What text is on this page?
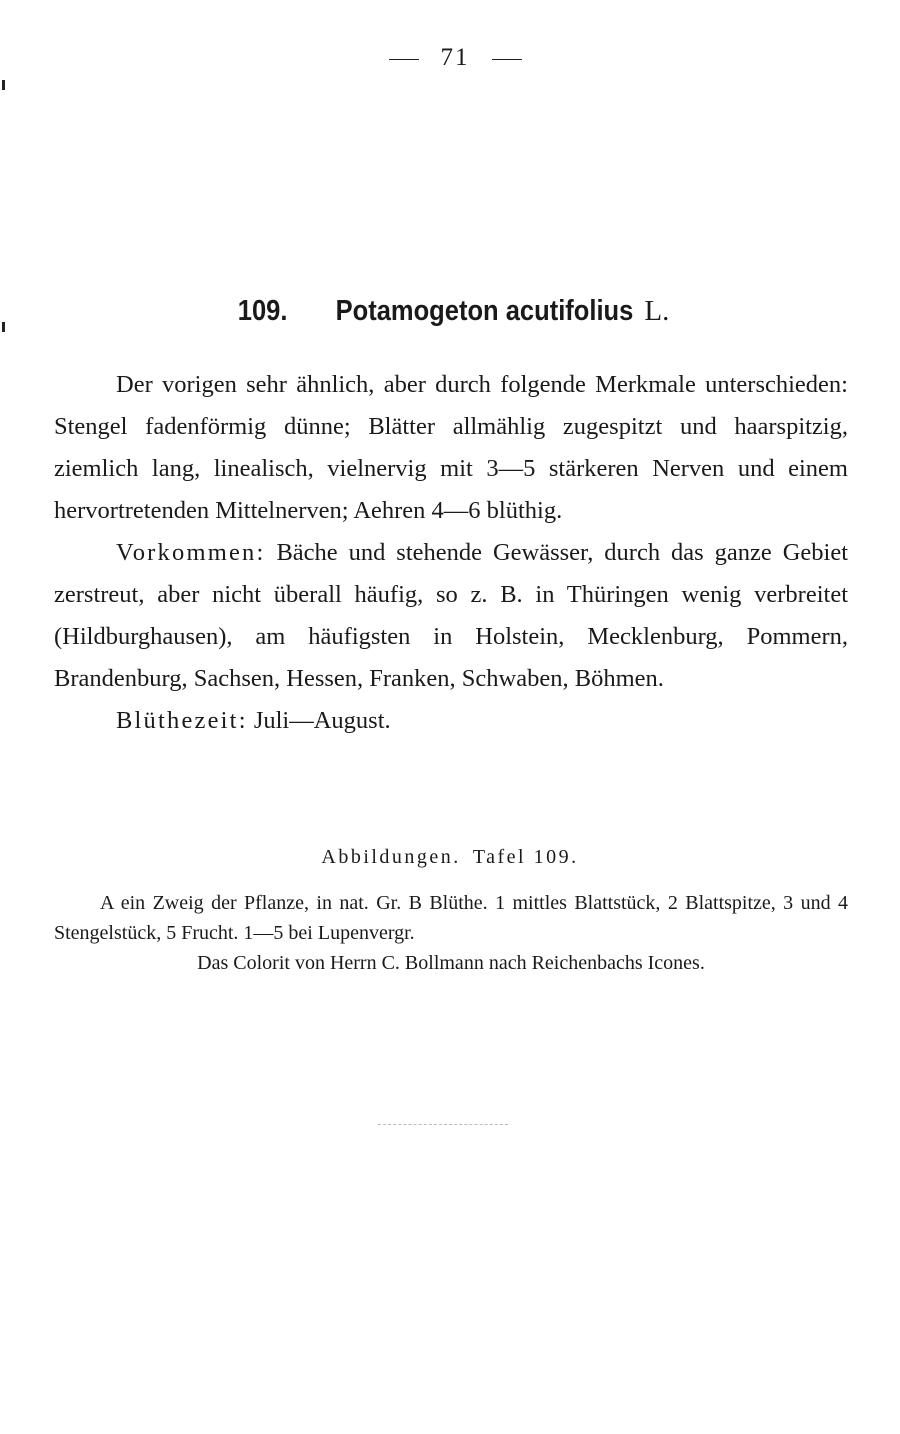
71
109. Potamogeton acutifolius L.

Der vorigen sehr ähnlich, aber durch folgende Merkmale unterschieden: Stengel fadenförmig dünne; Blätter allmählig zugespitzt und haarspitzig, ziemlich lang, linealisch, vielnervig mit 3—5 stärkeren Nerven und einem hervortretenden Mittelnerven; Aehren 4—6 blüthig.

Vorkommen: Bäche und stehende Gewässer, durch das ganze Gebiet zerstreut, aber nicht überall häufig, so z. B. in Thüringen wenig verbreitet (Hildburghausen), am häufigsten in Holstein, Mecklenburg, Pommern, Brandenburg, Sachsen, Hessen, Franken, Schwaben, Böhmen.

Blüthezeit: Juli—August.

Abbildungen. Tafel 109.

A ein Zweig der Pflanze, in nat. Gr. B Blüthe. 1 mittles Blattstück, 2 Blattspitze, 3 und 4 Stengelstück, 5 Frucht. 1—5 bei Lupenvergr.

Das Colorit von Herrn C. Bollmann nach Reichenbachs Icones.
